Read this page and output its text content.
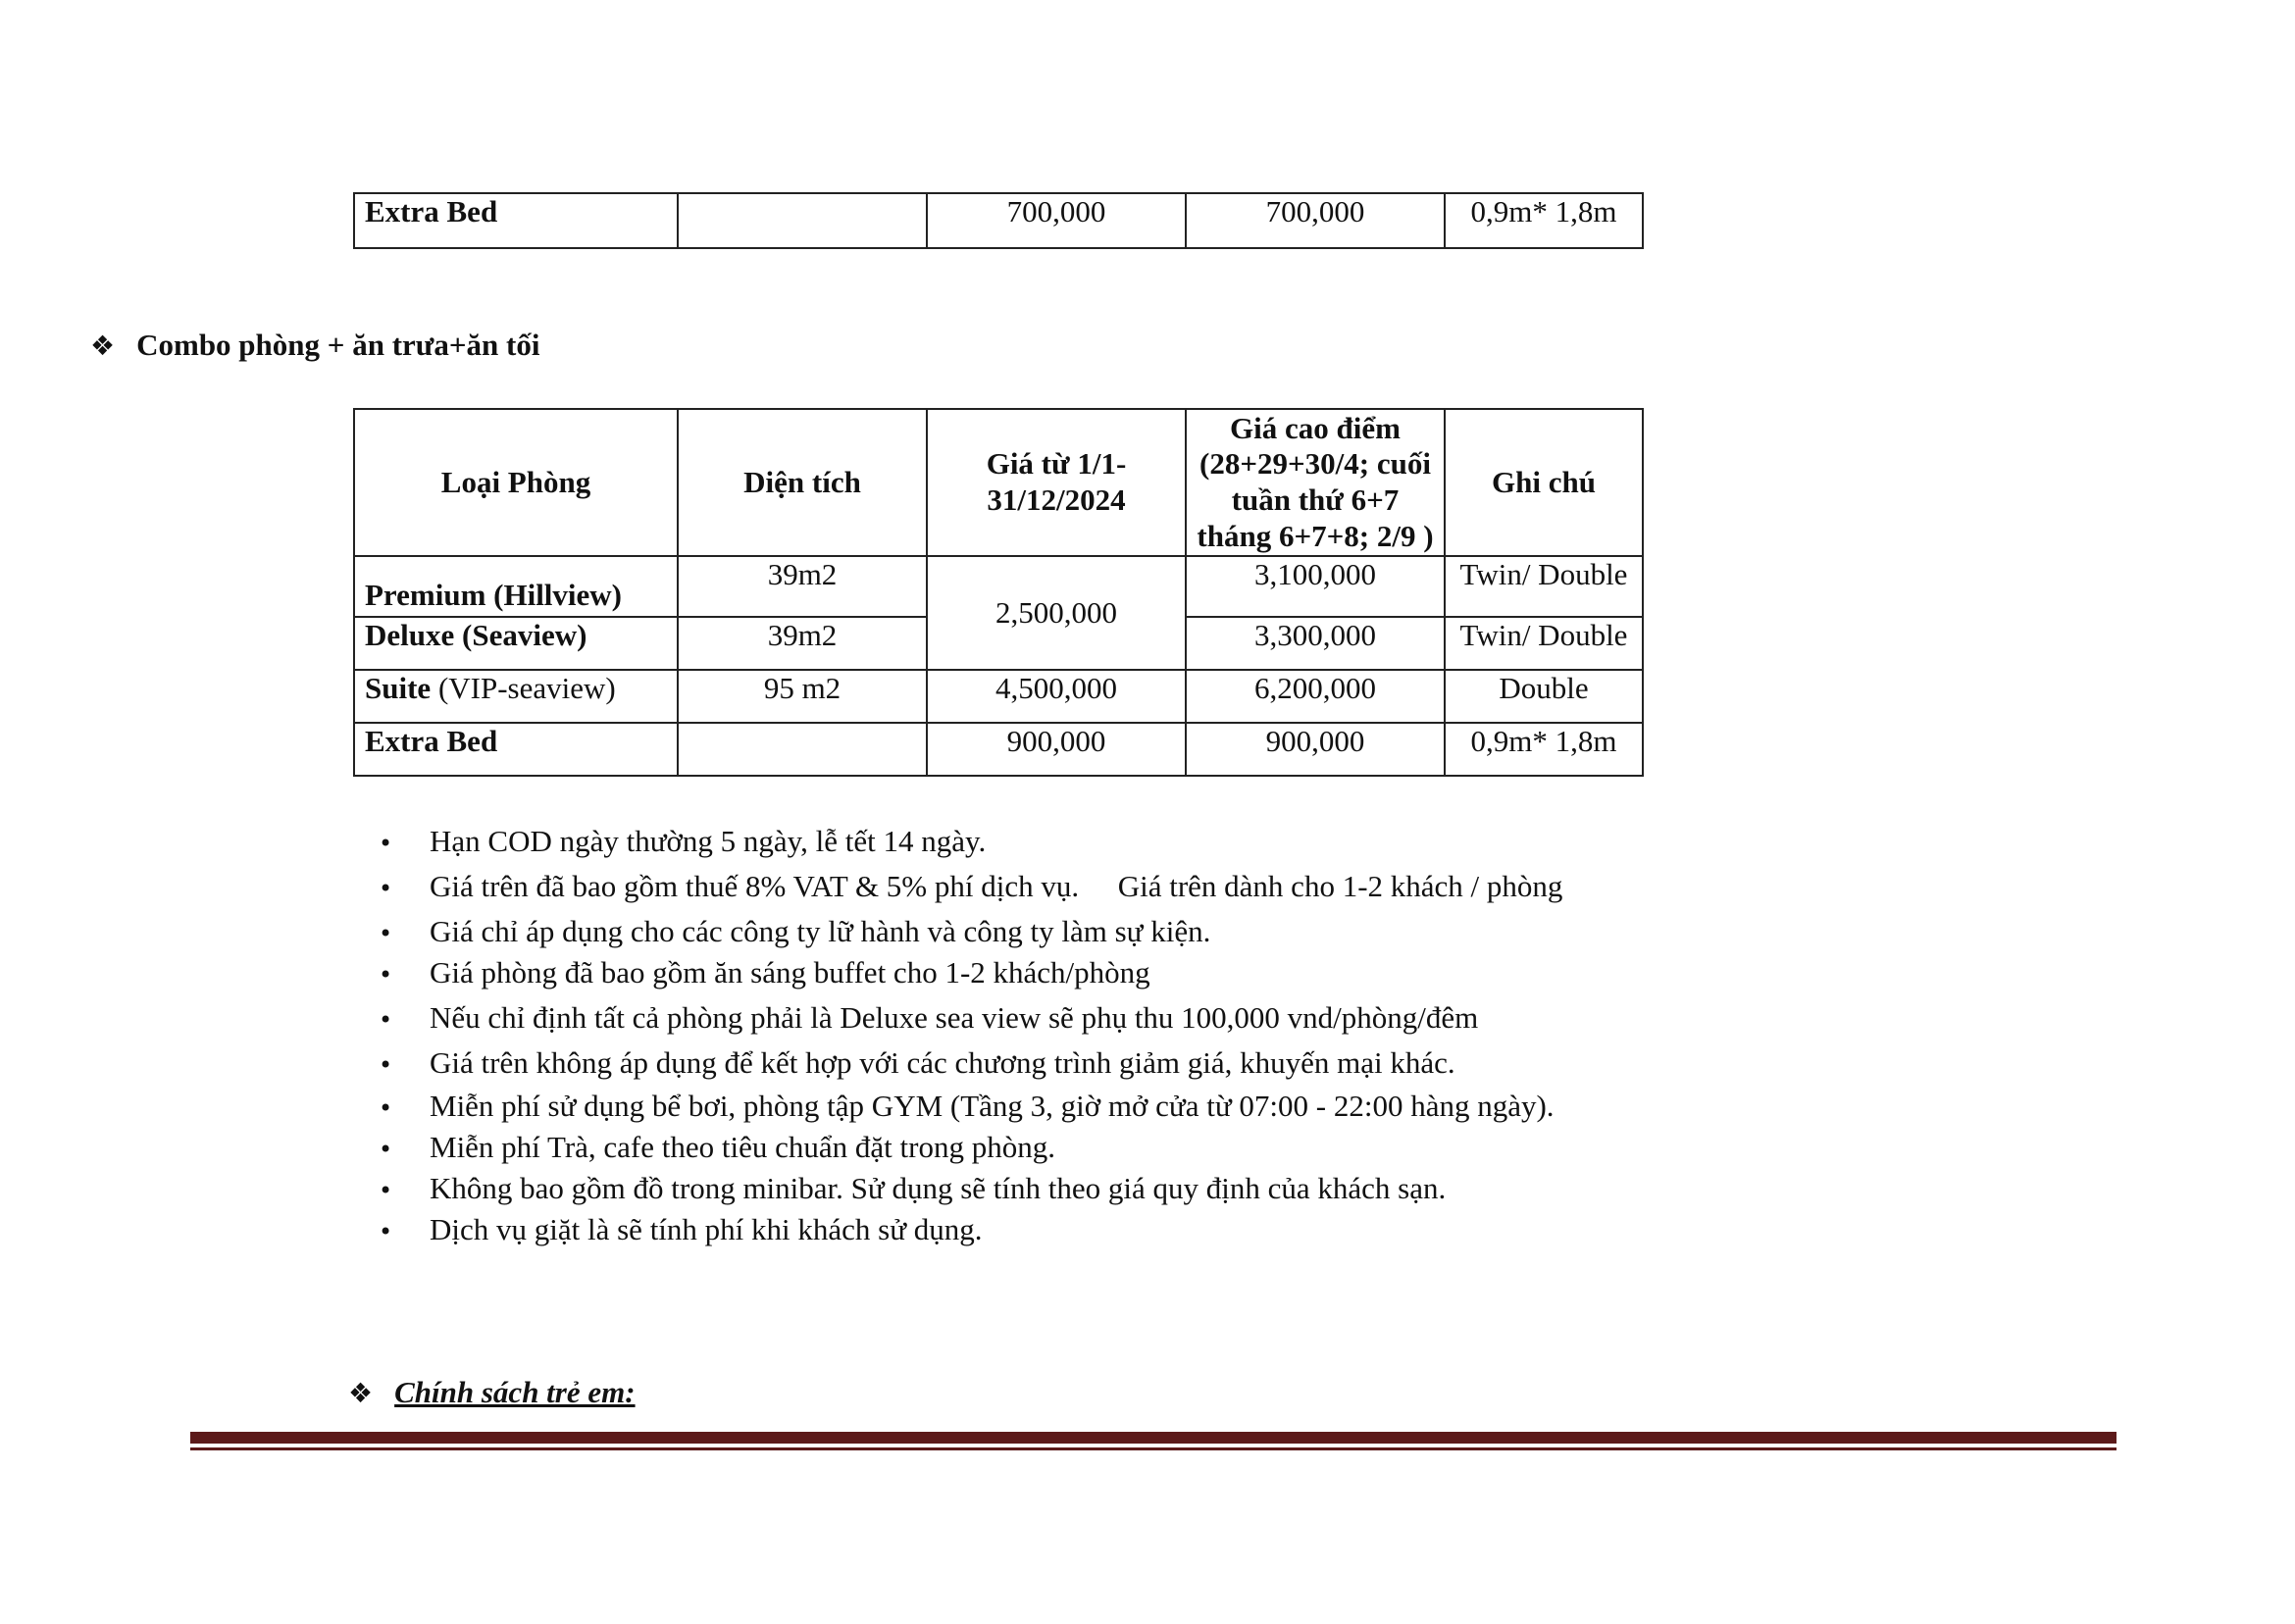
Extra Bed		700,000	700,000	0,9m* 1,8m
❖ Combo phòng + ăn trưa+ăn tối
Loại Phòng	Diện tích	Giá từ 1/1-31/12/2024	Giá cao điểm (28+29+30/4; cuối tuần thứ 6+7 tháng 6+7+8; 2/9 )	Ghi chú
Premium (Hillview)	39m2	2,500,000	3,100,000	Twin/ Double
Deluxe (Seaview)	39m2		3,300,000	Twin/ Double
Suite (VIP-seaview)	95 m2	4,500,000	6,200,000	Double
Extra Bed		900,000	900,000	0,9m* 1,8m
• Hạn COD ngày thường 5 ngày, lễ tết 14 ngày.
• Giá trên đã bao gồm thuế 8% VAT & 5% phí dịch vụ. Giá trên dành cho 1-2 khách / phòng
• Giá chỉ áp dụng cho các công ty lữ hành và công ty làm sự kiện.
• Giá phòng đã bao gồm ăn sáng buffet cho 1-2 khách/phòng
• Nếu chỉ định tất cả phòng phải là Deluxe sea view sẽ phụ thu 100,000 vnd/phòng/đêm
• Giá trên không áp dụng để kết hợp với các chương trình giảm giá, khuyến mại khác.
• Miễn phí sử dụng bể bơi, phòng tập GYM (Tầng 3, giờ mở cửa từ 07:00 - 22:00 hàng ngày).
• Miễn phí Trà, cafe theo tiêu chuẩn đặt trong phòng.
• Không bao gồm đồ trong minibar. Sử dụng sẽ tính theo giá quy định của khách sạn.
• Dịch vụ giặt là sẽ tính phí khi khách sử dụng.
❖ Chính sách trẻ em:
